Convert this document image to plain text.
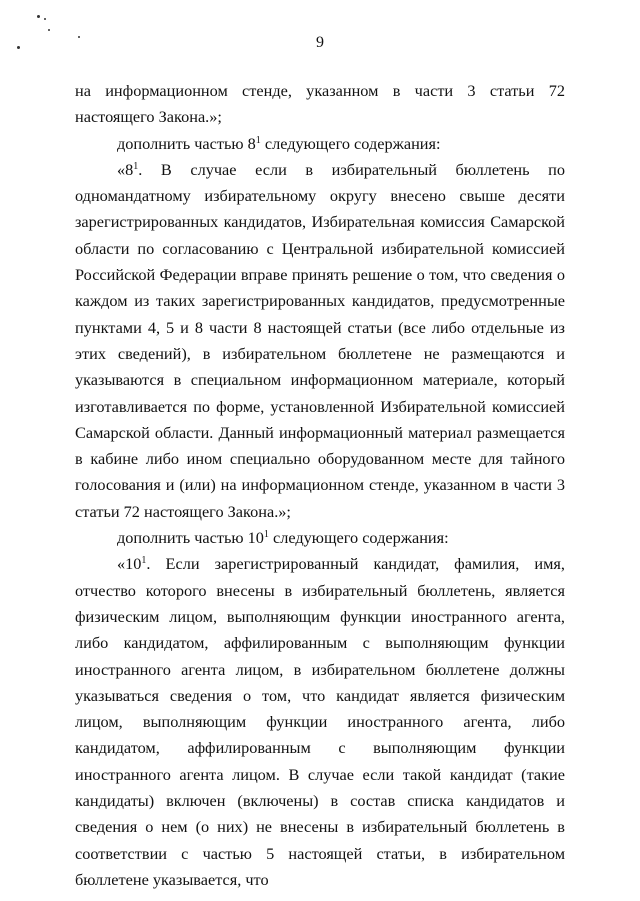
9

на информационном стенде, указанном в части 3 статьи 72 настоящего Закона.»;

дополнить частью $8^1$ следующего содержания:

«$8^1$. В случае если в избирательный бюллетень по одномандатному избирательному округу внесено свыше десяти зарегистрированных кандидатов, Избирательная комиссия Самарской области по согласованию с Центральной избирательной комиссией Российской Федерации вправе принять решение о том, что сведения о каждом из таких зарегистрированных кандидатов, предусмотренные пунктами 4, 5 и 8 части 8 настоящей статьи (все либо отдельные из этих сведений), в избирательном бюллетене не размещаются и указываются в специальном информационном материале, который изготавливается по форме, установленной Избирательной комиссией Самарской области. Данный информационный материал размещается в кабине либо ином специально оборудованном месте для тайного голосования и (или) на информационном стенде, указанном в части 3 статьи 72 настоящего Закона.»;

дополнить частью $10^1$ следующего содержания:

«$10^1$. Если зарегистрированный кандидат, фамилия, имя, отчество которого внесены в избирательный бюллетень, является физическим лицом, выполняющим функции иностранного агента, либо кандидатом, аффилированным с выполняющим функции иностранного агента лицом, в избирательном бюллетене должны указываться сведения о том, что кандидат является физическим лицом, выполняющим функции иностранного агента, либо кандидатом, аффилированным с выполняющим функции иностранного агента лицом. В случае если такой кандидат (такие кандидаты) включен (включены) в состав списка кандидатов и сведения о нем (о них) не внесены в избирательный бюллетень в соответствии с частью 5 настоящей статьи, в избирательном бюллетене указывается, что
